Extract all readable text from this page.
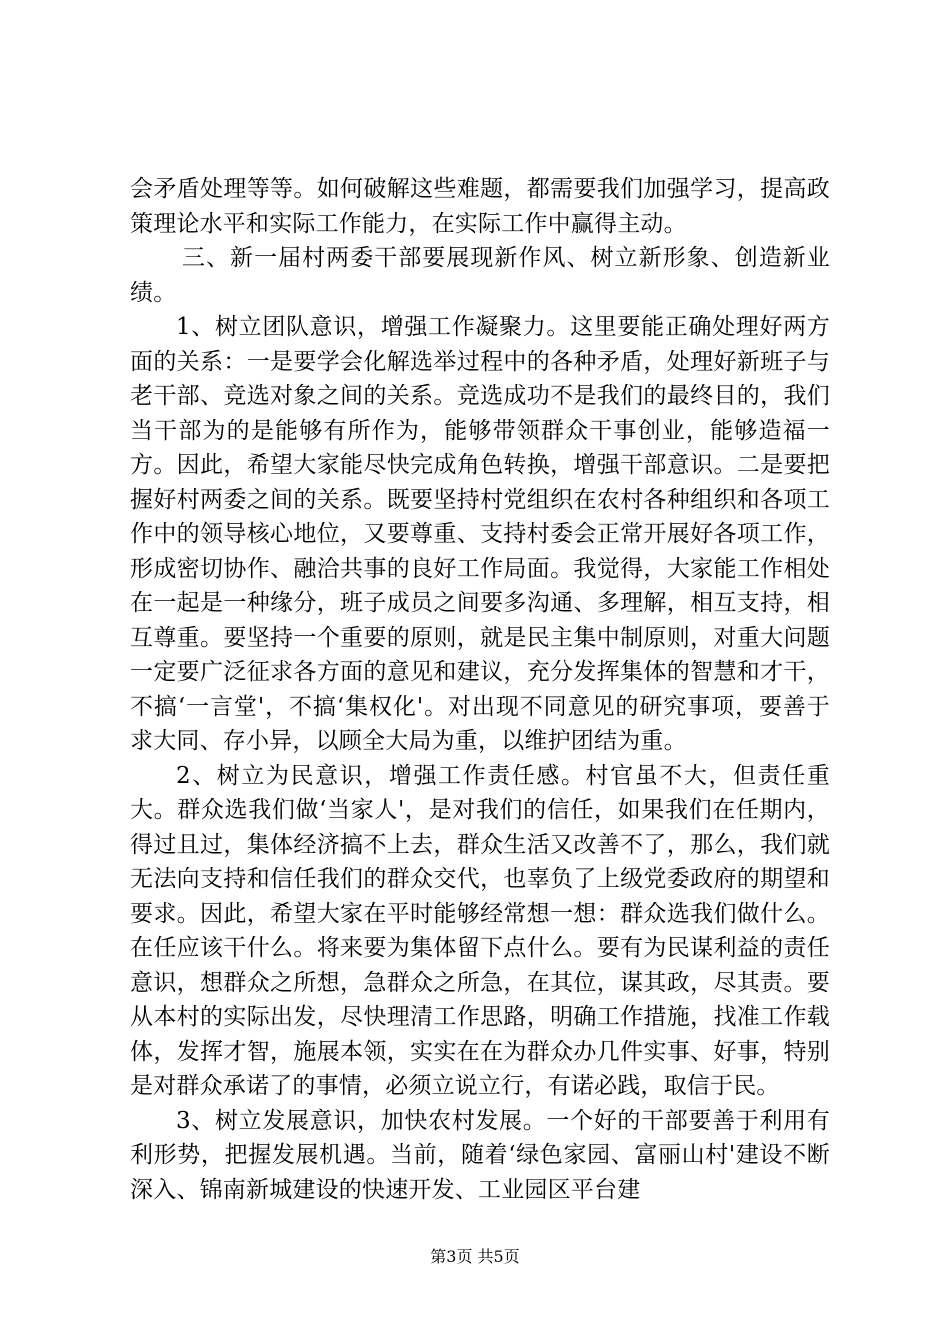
会矛盾处理等等。如何破解这些难题，都需要我们加强学习，提高政策理论水平和实际工作能力，在实际工作中赢得主动。

三、新一届村两委干部要展现新作风、树立新形象、创造新业绩。

1、树立团队意识，增强工作凝聚力。这里要能正确处理好两方面的关系：一是要学会化解选举过程中的各种矛盾，处理好新班子与老干部、竞选对象之间的关系。竞选成功不是我们的最终目的，我们当干部为的是能够有所作为，能够带领群众干事创业，能够造福一方。因此，希望大家能尽快完成角色转换，增强干部意识。二是要把握好村两委之间的关系。既要坚持村党组织在农村各种组织和各项工作中的领导核心地位，又要尊重、支持村委会正常开展好各项工作，形成密切协作、融洽共事的良好工作局面。我觉得，大家能工作相处在一起是一种缘分，班子成员之间要多沟通、多理解，相互支持，相互尊重。要坚持一个重要的原则，就是民主集中制原则，对重大问题一定要广泛征求各方面的意见和建议，充分发挥集体的智慧和才干，不搞‘一言堂'，不搞‘集权化'。对出现不同意见的研究事项，要善于求大同、存小异，以顾全大局为重，以维护团结为重。

2、树立为民意识，增强工作责任感。村官虽不大，但责任重大。群众选我们做‘当家人'，是对我们的信任，如果我们在任期内，得过且过，集体经济搞不上去，群众生活又改善不了，那么，我们就无法向支持和信任我们的群众交代，也辜负了上级党委政府的期望和要求。因此，希望大家在平时能够经常想一想：群众选我们做什么。在任应该干什么。将来要为集体留下点什么。要有为民谋利益的责任意识，想群众之所想，急群众之所急，在其位，谋其政，尽其责。要从本村的实际出发，尽快理清工作思路，明确工作措施，找准工作载体，发挥才智，施展本领，实实在在为群众办几件实事、好事，特别是对群众承诺了的事情，必须立说立行，有诺必践，取信于民。

3、树立发展意识，加快农村发展。一个好的干部要善于利用有利形势，把握发展机遇。当前，随着‘绿色家园、富丽山村'建设不断深入、锦南新城建设的快速开发、工业园区平台建

第3页 共5页
